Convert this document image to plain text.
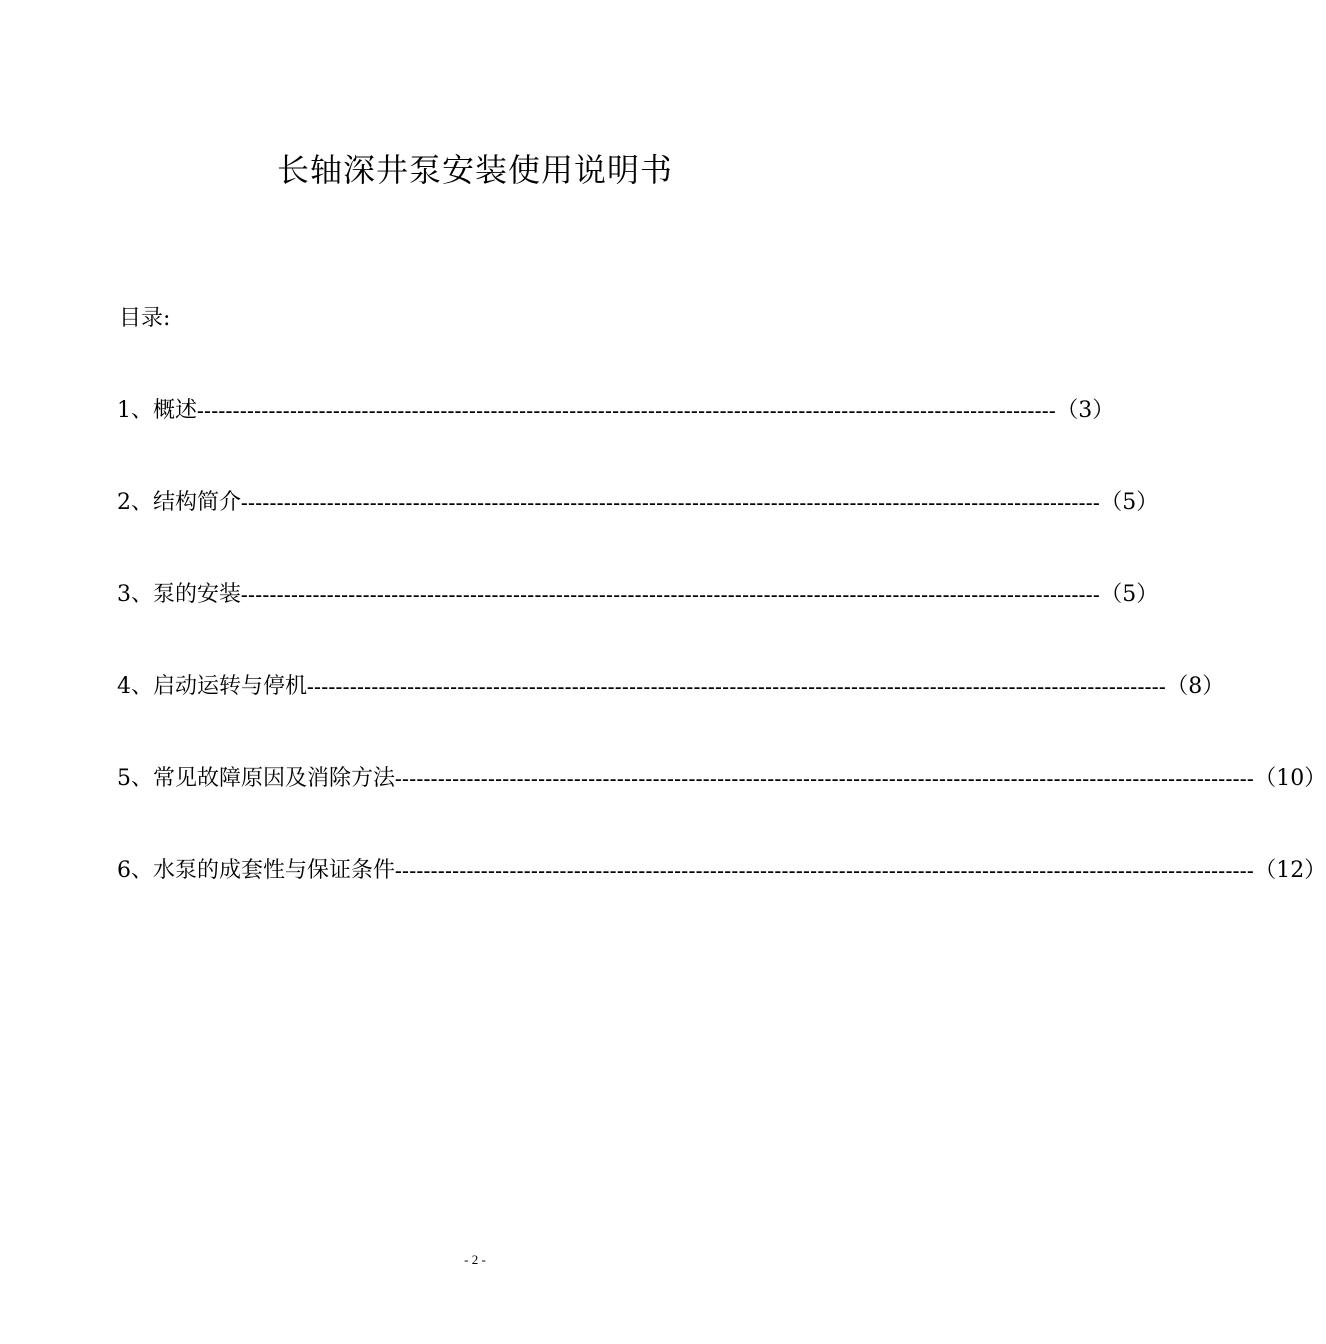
长轴深井泵安装使用说明书
目录:
1、概述 ------------------------------------------------------------------------------------------------------------------------ （3）
2、结构简介 ------------------------------------------------------------------------------------------------------------------------ （5）
3、泵的安装 ------------------------------------------------------------------------------------------------------------------------ （5）
4、启动运转与停机 ------------------------------------------------------------------------------------------------------------------------ （8）
5、常见故障原因及消除方法 ------------------------------------------------------------------------------------------------------------------------ （10）
6、水泵的成套性与保证条件 ------------------------------------------------------------------------------------------------------------------------ （12）
- 2 -
